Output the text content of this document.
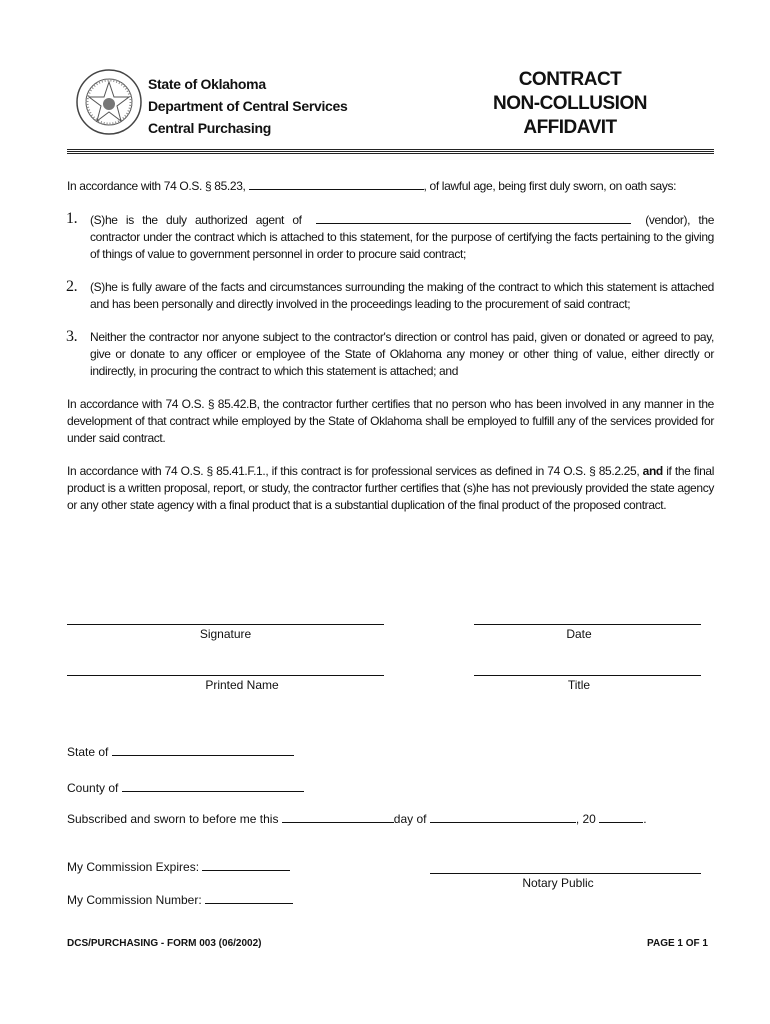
State of Oklahoma
Department of Central Services
Central Purchasing
CONTRACT
NON-COLLUSION
AFFIDAVIT
In accordance with 74 O.S. § 85.23,	, of lawful age, being first duly sworn, on oath says:
1. (S)he is the duly authorized agent of	(vendor), the contractor under the contract which is attached to this statement, for the purpose of certifying the facts pertaining to the giving of things of value to government personnel in order to procure said contract;
2. (S)he is fully aware of the facts and circumstances surrounding the making of the contract to which this statement is attached and has been personally and directly involved in the proceedings leading to the procurement of said contract;
3. Neither the contractor nor anyone subject to the contractor's direction or control has paid, given or donated or agreed to pay, give or donate to any officer or employee of the State of Oklahoma any money or other thing of value, either directly or indirectly, in procuring the contract to which this statement is attached; and
In accordance with 74 O.S. § 85.42.B, the contractor further certifies that no person who has been involved in any manner in the development of that contract while employed by the State of Oklahoma shall be employed to fulfill any of the services provided for under said contract.
In accordance with 74 O.S. § 85.41.F.1., if this contract is for professional services as defined in 74 O.S. § 85.2.25, and if the final product is a written proposal, report, or study, the contractor further certifies that (s)he has not previously provided the state agency or any other state agency with a final product that is a substantial duplication of the final product of the proposed contract.
Signature	Date
Printed Name	Title
State of
County of
Subscribed and sworn to before me this	day of	, 20	.
My Commission Expires:
My Commission Number:
Notary Public
DCS/PURCHASING - FORM 003 (06/2002)	PAGE 1 OF 1
